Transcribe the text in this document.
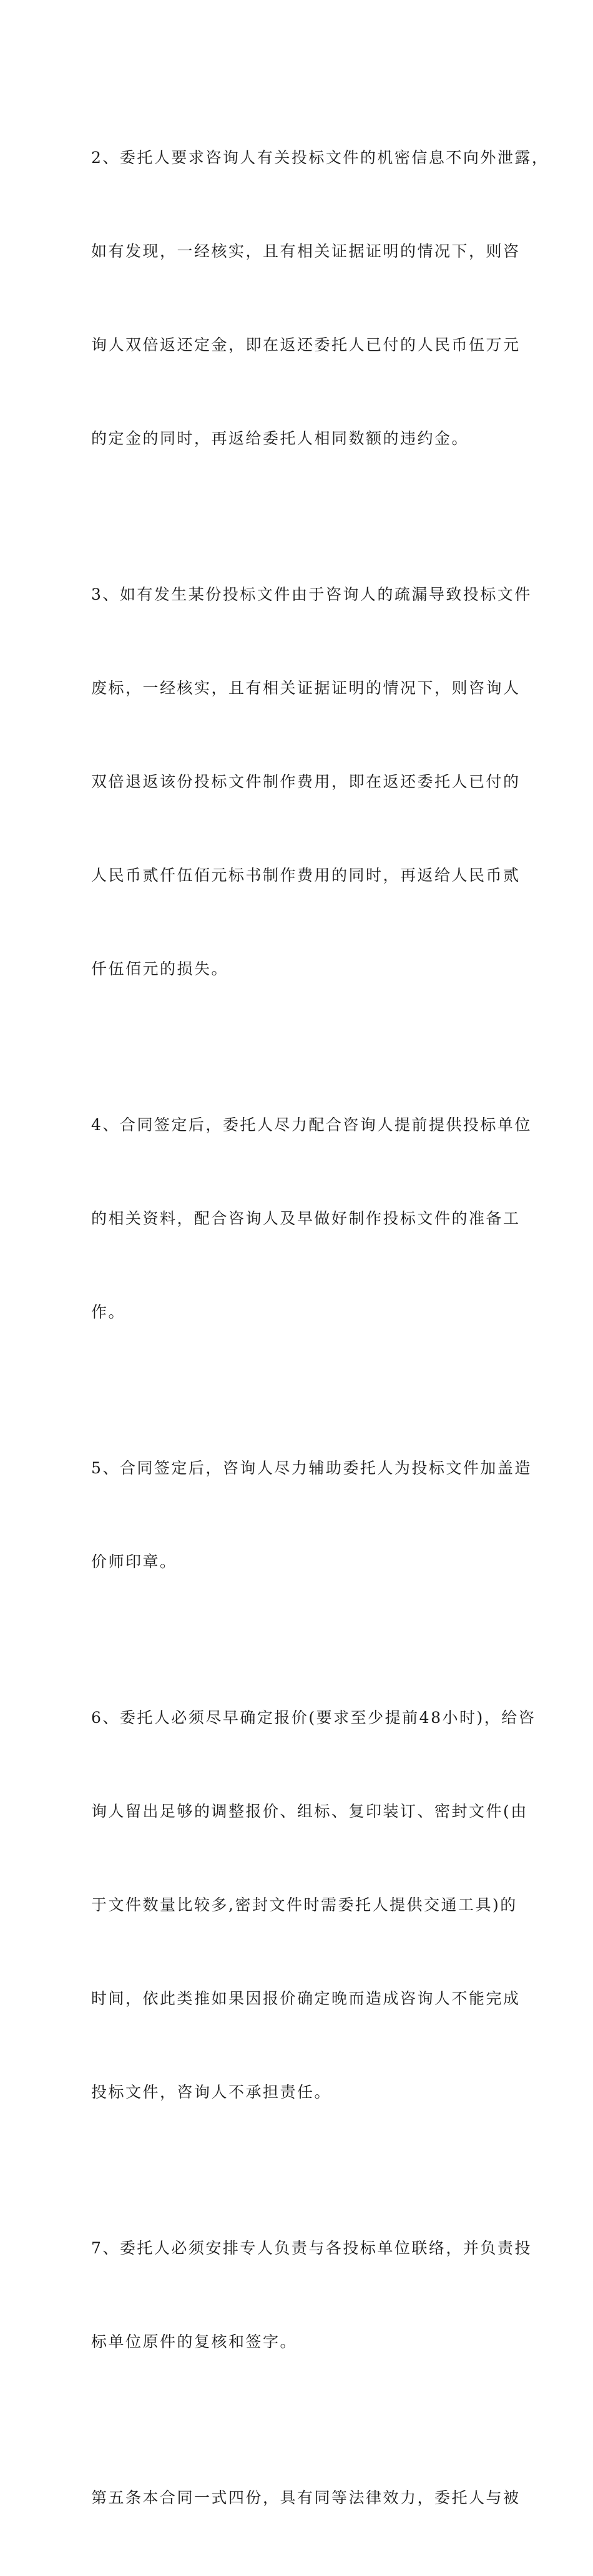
2、委托人要求咨询人有关投标文件的机密信息不向外泄露，

如有发现，一经核实，且有相关证据证明的情况下，则咨

询人双倍返还定金，即在返还委托人已付的人民币伍万元

的定金的同时，再返给委托人相同数额的违约金。

3、如有发生某份投标文件由于咨询人的疏漏导致投标文件

废标，一经核实，且有相关证据证明的情况下，则咨询人

双倍退返该份投标文件制作费用，即在返还委托人已付的

人民币贰仟伍佰元标书制作费用的同时，再返给人民币贰

仟伍佰元的损失。

4、合同签定后，委托人尽力配合咨询人提前提供投标单位

的相关资料，配合咨询人及早做好制作投标文件的准备工

作。

5、合同签定后，咨询人尽力辅助委托人为投标文件加盖造

价师印章。

6、委托人必须尽早确定报价(要求至少提前48小时)，给咨

询人留出足够的调整报价、组标、复印装订、密封文件(由

于文件数量比较多,密封文件时需委托人提供交通工具)的

时间，依此类推如果因报价确定晚而造成咨询人不能完成

投标文件，咨询人不承担责任。

7、委托人必须安排专人负责与各投标单位联络，并负责投

标单位原件的复核和签字。

第五条本合同一式四份，具有同等法律效力，委托人与被
